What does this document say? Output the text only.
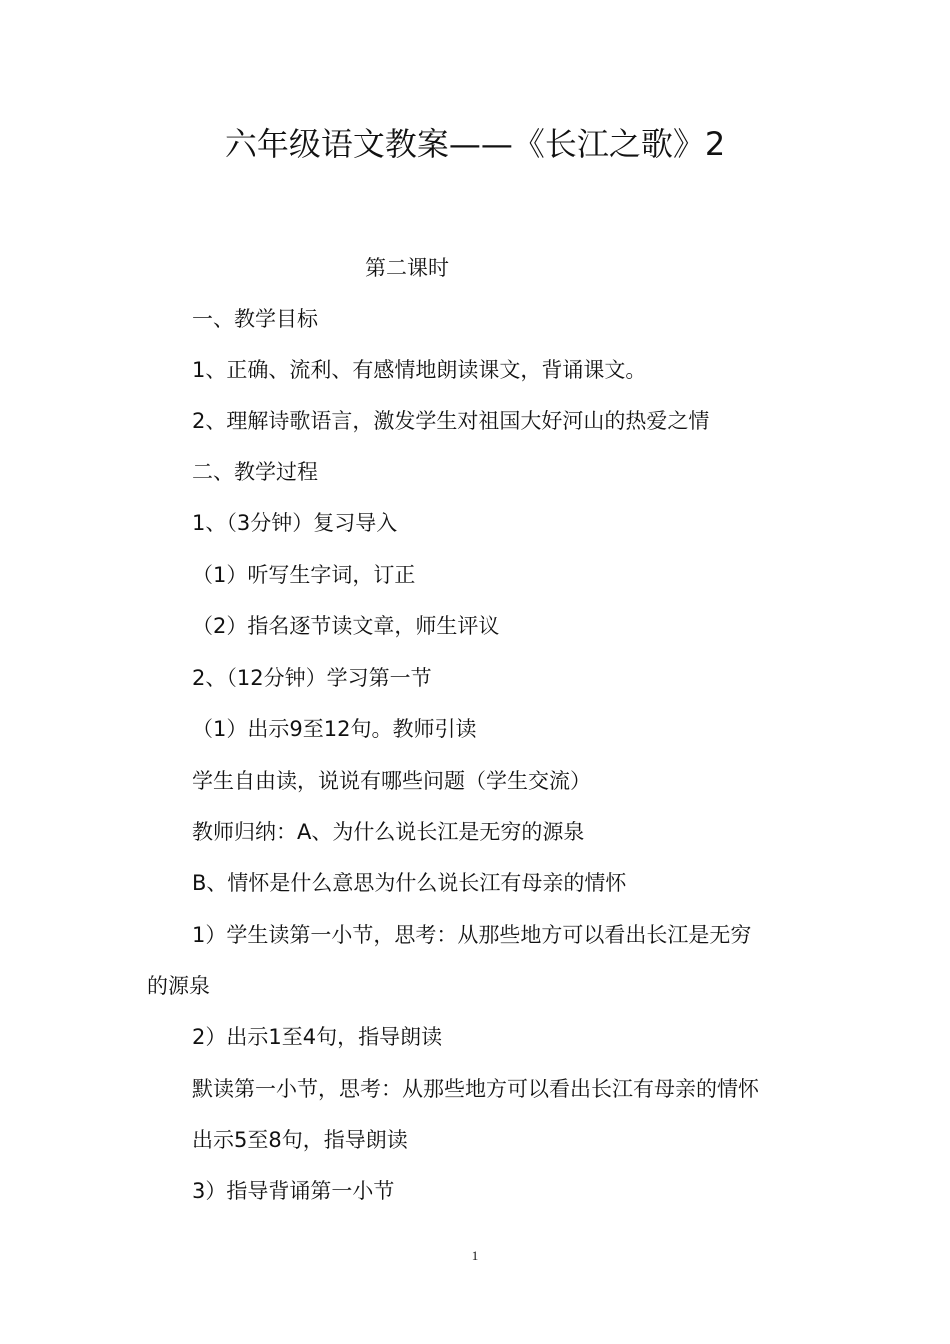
六年级语文教案——《长江之歌》2
第二课时
一、教学目标
1、正确、流利、有感情地朗读课文，背诵课文。
2、理解诗歌语言，激发学生对祖国大好河山的热爱之情
二、教学过程
1、（3分钟）复习导入
（1）听写生字词，订正
（2）指名逐节读文章，师生评议
2、（12分钟）学习第一节
（1）出示9至12句。教师引读
学生自由读，说说有哪些问题（学生交流）
教师归纳：A、为什么说长江是无穷的源泉
B、情怀是什么意思为什么说长江有母亲的情怀
1）学生读第一小节，思考：从那些地方可以看出长江是无穷
的源泉
2）出示1至4句，指导朗读
默读第一小节，思考：从那些地方可以看出长江有母亲的情怀
出示5至8句，指导朗读
3）指导背诵第一小节
1
